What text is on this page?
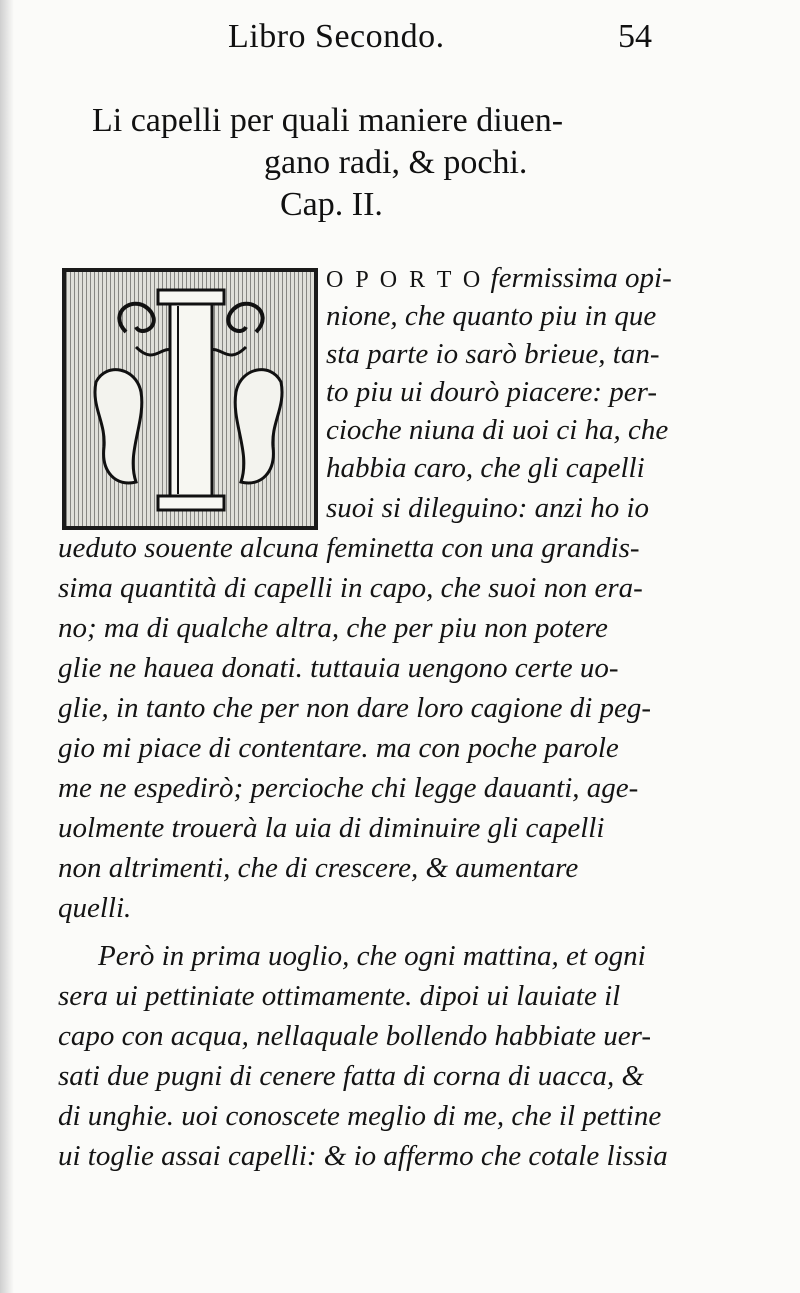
Libro Secondo.	54
Li capelli per quali maniere diuen-
gano radi, & pochi.
Cap. II.
O P O R T O fermissima opi-
nione, che quanto piu in que
sta parte io sarò brieue, tan-
to piu ui dourò piacere: per-
cioche niuna di uoi ci ha, che
habbia caro, che gli capelli
suoi si dileguino: anzi ho io
ueduto souente alcuna feminetta con una grandis-
sima quantità di capelli in capo, che suoi non era-
no; ma di qualche altra, che per piu non potere
glie ne hauea donati. tuttauia uengono certe uo-
glie, in tanto che per non dare loro cagione di peg-
gio mi piace di contentare. ma con poche parole
me ne espedirò; percioche chi legge dauanti, age-
uolmente trouerà la uia di diminuire gli capelli
non altrimenti, che di crescere, & aumentare
quelli.
Però in prima uoglio, che ogni mattina, et ogni
sera ui pettiniate ottimamente. dipoi ui lauiate il
capo con acqua, nellaquale bollendo habbiate uer-
sati due pugni di cenere fatta di corna di uacca, &
di unghie. uoi conoscete meglio di me, che il pettine
ui toglie assai capelli: & io affermo che cotale lissia
